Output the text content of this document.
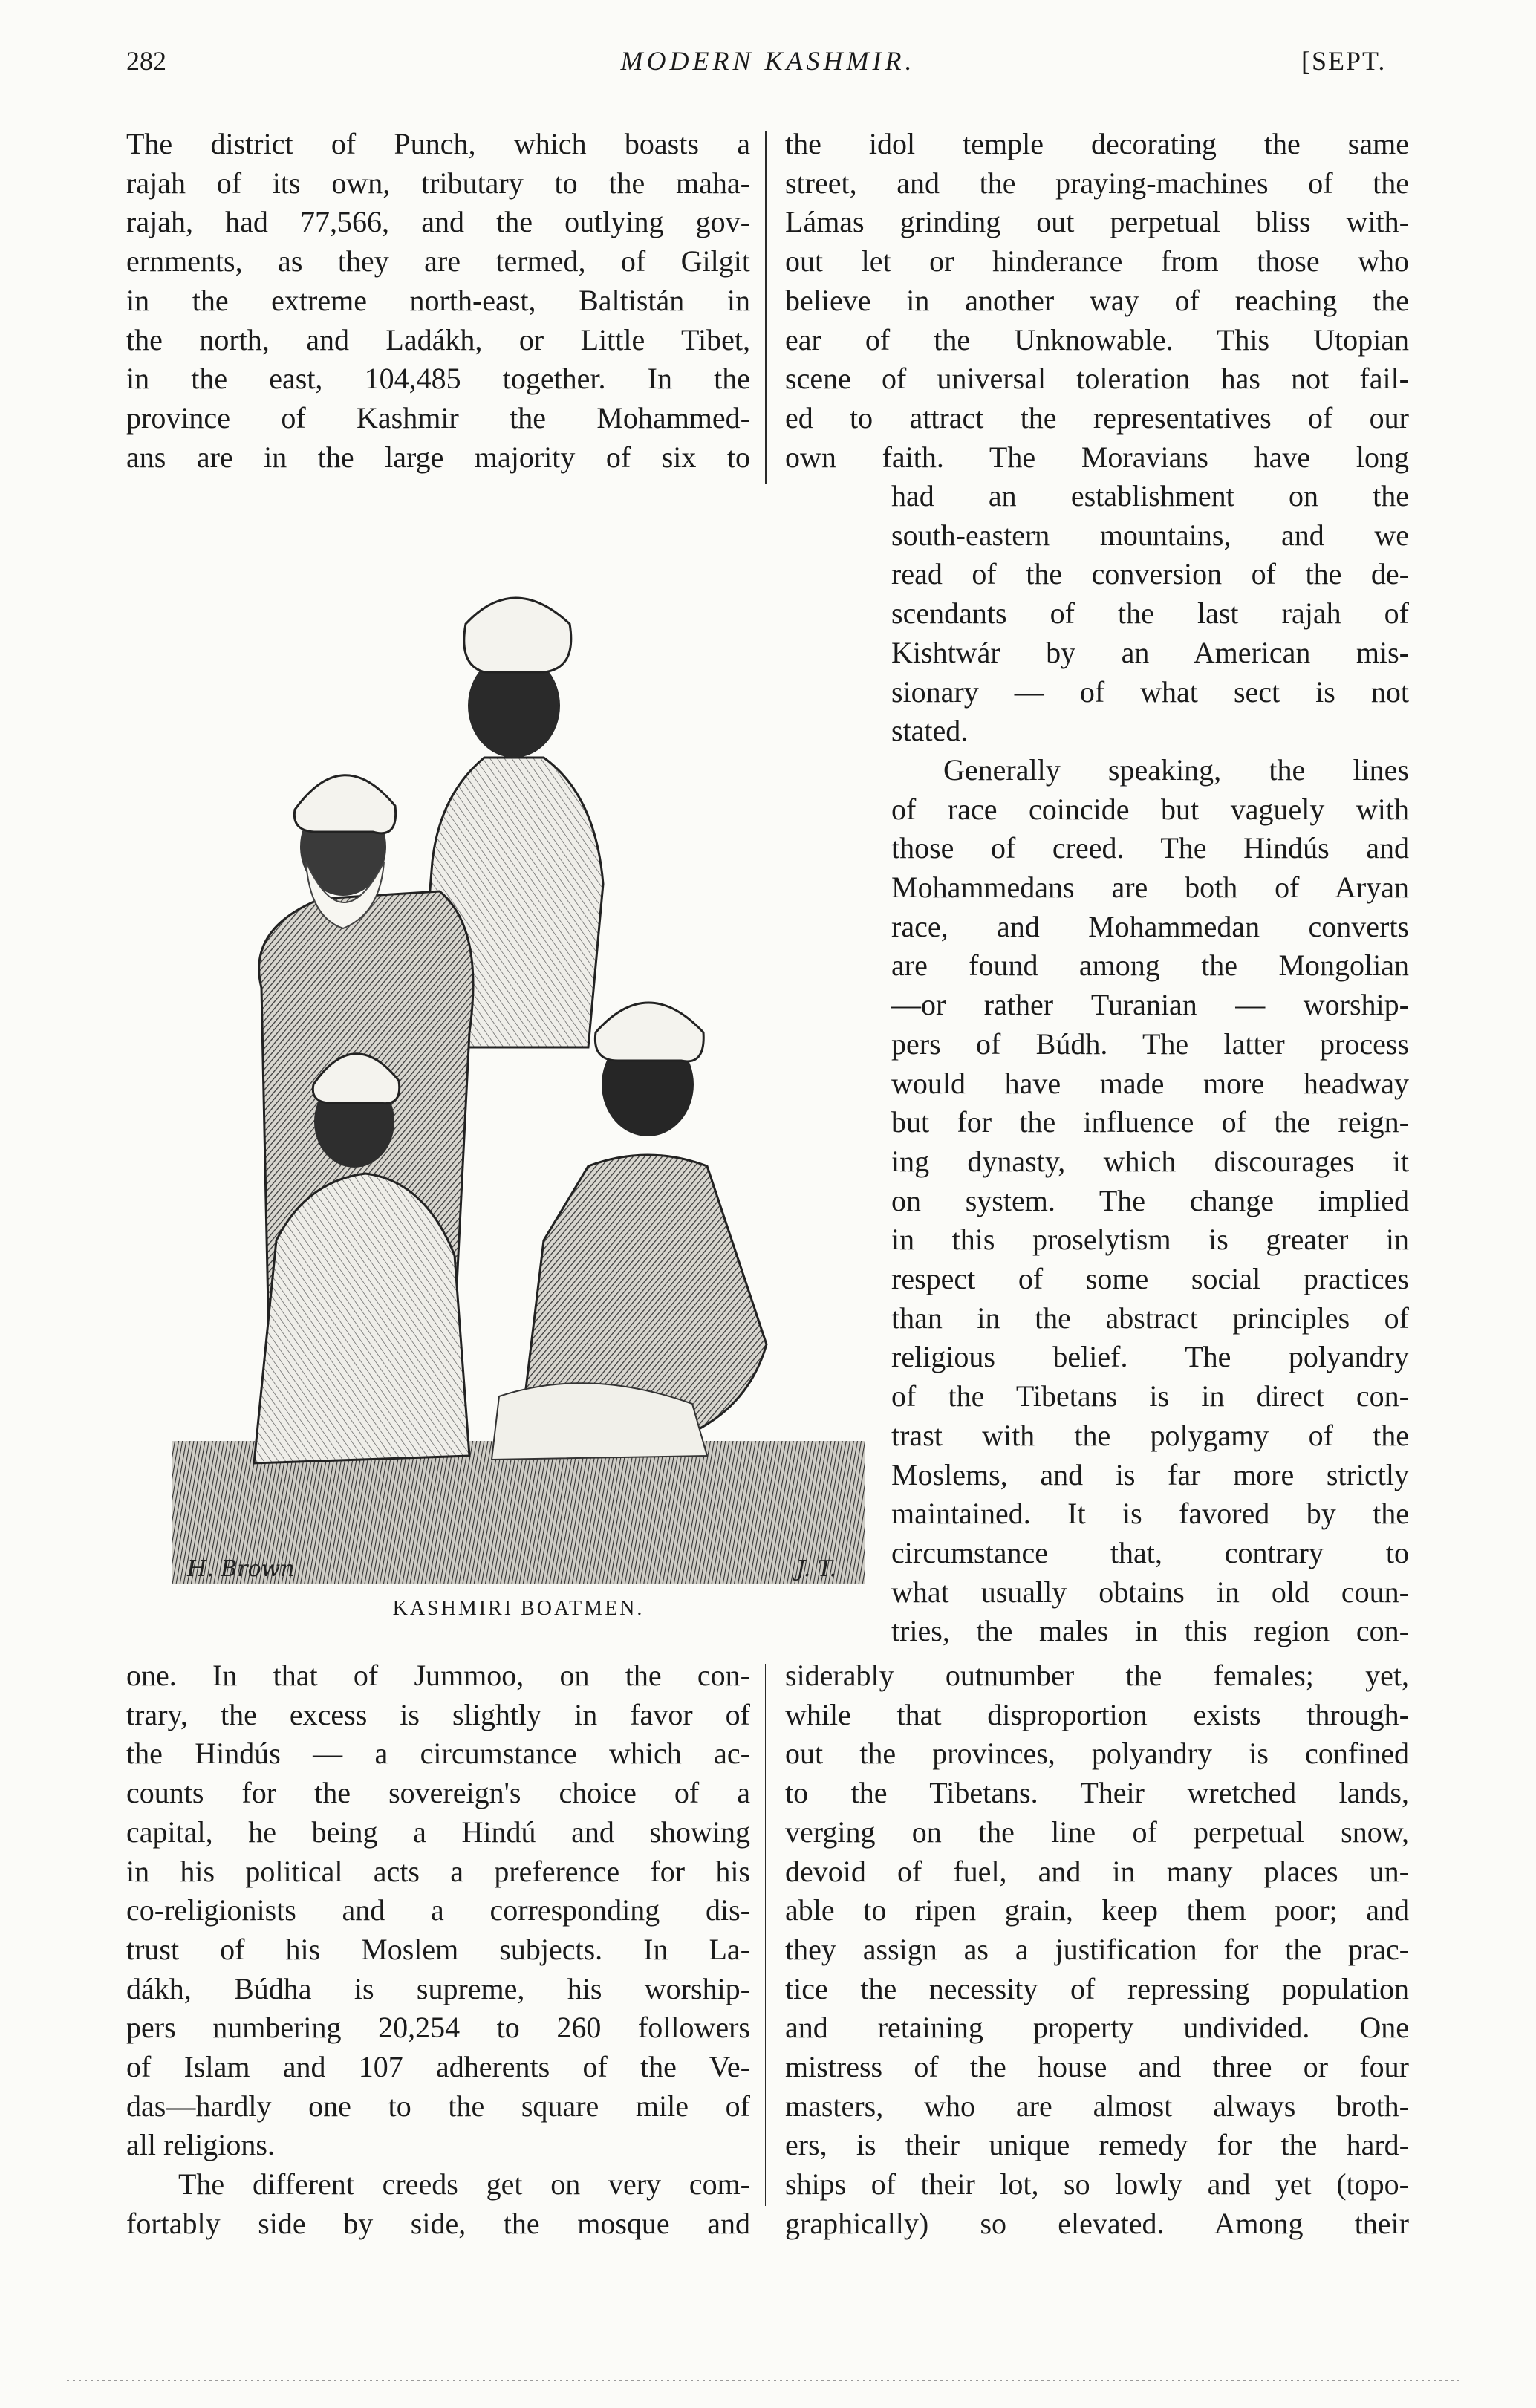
282	MODERN KASHMIR.	[SEPT.
The district of Punch, which boasts a
rajah of its own, tributary to the maha-
rajah, had 77,566, and the outlying gov-
ernments, as they are termed, of Gilgit
in the extreme north-east, Baltistán in
the north, and Ladákh, or Little Tibet,
in the east, 104,485 together. In the
province of Kashmir the Mohammed-
ans are in the large majority of six to
the idol temple decorating the same
street, and the praying-machines of the
Lámas grinding out perpetual bliss with-
out let or hinderance from those who
believe in another way of reaching the
ear of the Unknowable. This Utopian
scene of universal toleration has not fail-
ed to attract the representatives of our
own faith. The Moravians have long
had an establishment on the
south-eastern mountains, and we
read of the conversion of the de-
scendants of the last rajah of
Kishtwár by an American mis-
sionary — of what sect is not
stated.
Generally speaking, the lines
of race coincide but vaguely with
those of creed. The Hindús and
Mohammedans are both of Aryan
race, and Mohammedan converts
are found among the Mongolian
—or rather Turanian — worship-
pers of Búdh. The latter process
would have made more headway
but for the influence of the reign-
ing dynasty, which discourages it
on system. The change implied
in this proselytism is greater in
respect of some social practices
than in the abstract principles of
religious belief. The polyandry
of the Tibetans is in direct con-
trast with the polygamy of the
Moslems, and is far more strictly
maintained. It is favored by the
circumstance that, contrary to
what usually obtains in old coun-
tries, the males in this region con-
one. In that of Jummoo, on the con-
trary, the excess is slightly in favor of
the Hindús — a circumstance which ac-
counts for the sovereign's choice of a
capital, he being a Hindú and showing
in his political acts a preference for his
co-religionists and a corresponding dis-
trust of his Moslem subjects. In La-
dákh, Búdha is supreme, his worship-
pers numbering 20,254 to 260 followers
of Islam and 107 adherents of the Ve-
das—hardly one to the square mile of
all religions.
The different creeds get on very com-
fortably side by side, the mosque and
siderably outnumber the females; yet,
while that disproportion exists through-
out the provinces, polyandry is confined
to the Tibetans. Their wretched lands,
verging on the line of perpetual snow,
devoid of fuel, and in many places un-
able to ripen grain, keep them poor; and
they assign as a justification for the prac-
tice the necessity of repressing population
and retaining property undivided. One
mistress of the house and three or four
masters, who are almost always broth-
ers, is their unique remedy for the hard-
ships of their lot, so lowly and yet (topo-
graphically) so elevated. Among their
H. Brown	J. T.
KASHMIRI BOATMEN.
